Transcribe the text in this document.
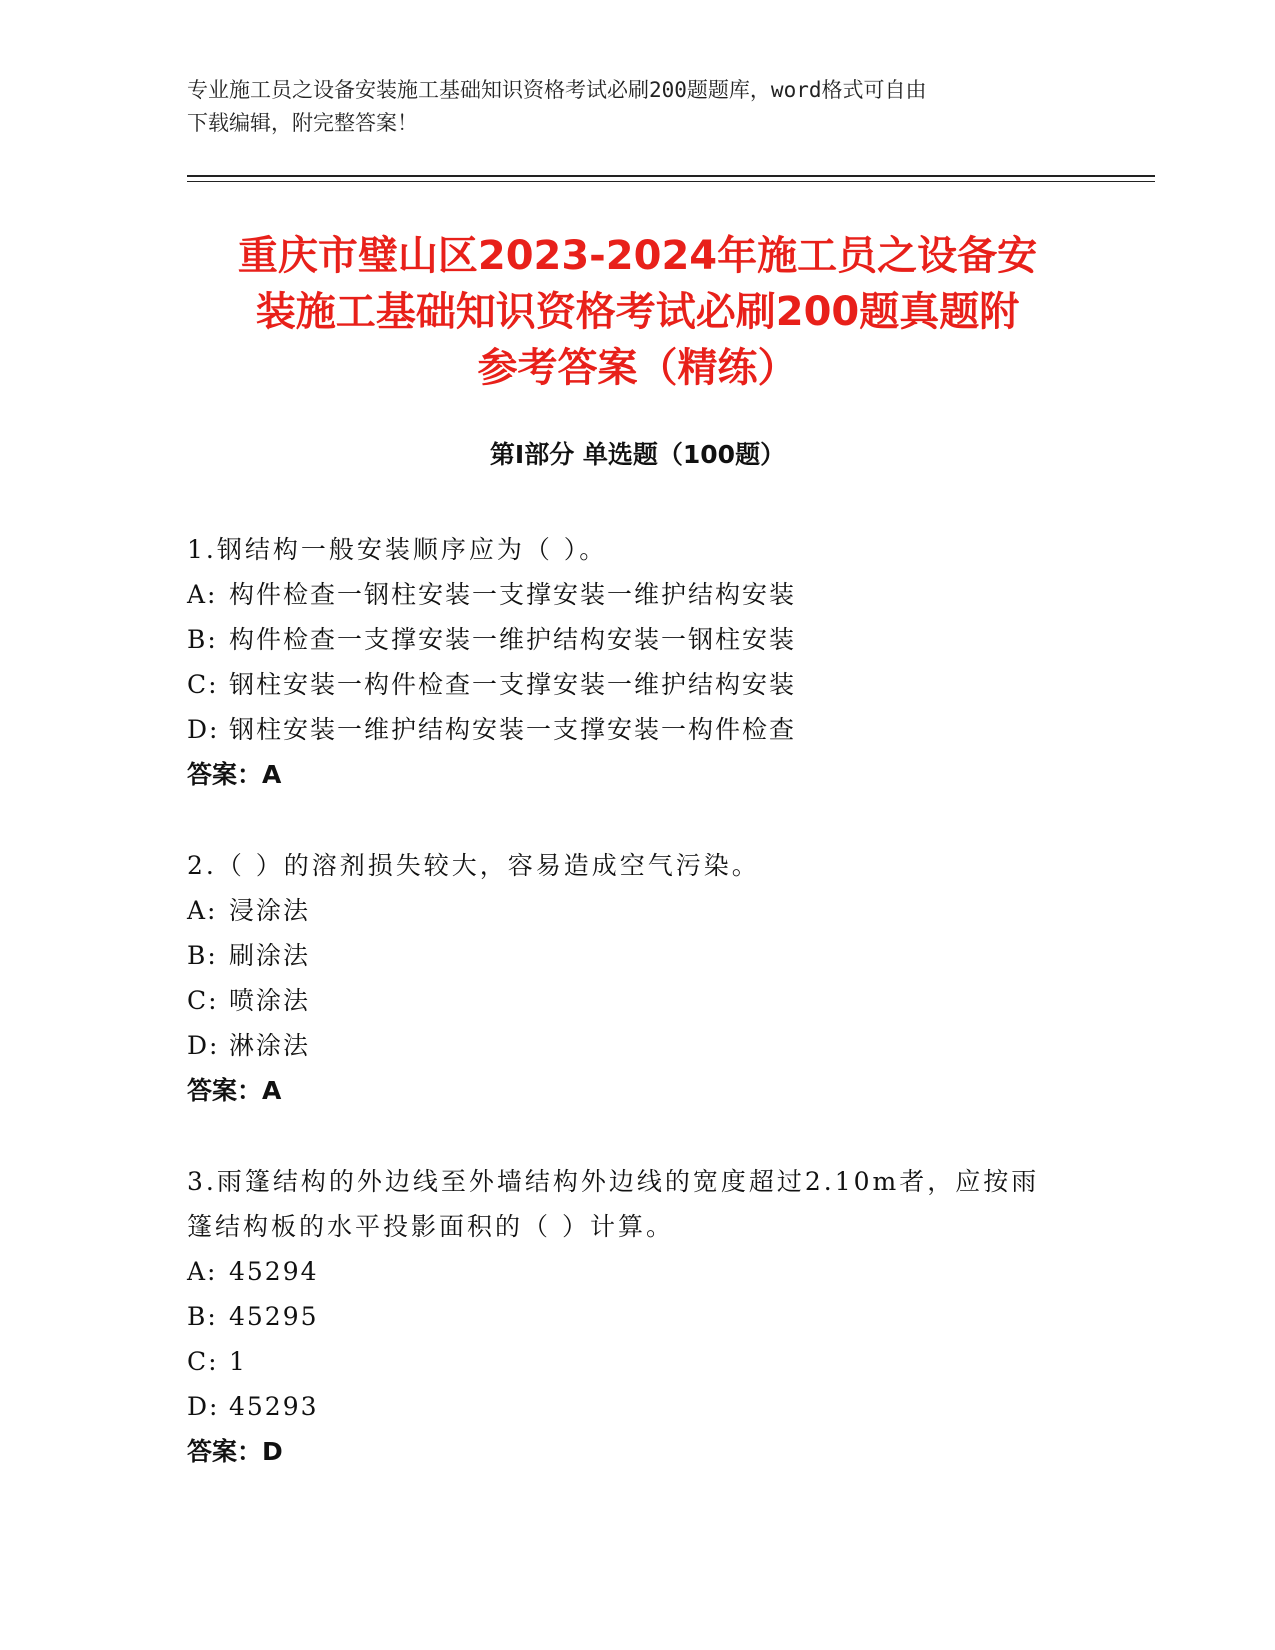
专业施工员之设备安装施工基础知识资格考试必刷200题题库，word格式可自由
下载编辑，附完整答案！
重庆市璧山区2023-2024年施工员之设备安
装施工基础知识资格考试必刷200题真题附
参考答案（精练）
第Ⅰ部分 单选题（100题）

1.钢结构一般安装顺序应为（ ）。

A: 构件检查一钢柱安装一支撑安装一维护结构安装

B: 构件检查一支撑安装一维护结构安装一钢柱安装

C: 钢柱安装一构件检查一支撑安装一维护结构安装

D: 钢柱安装一维护结构安装一支撑安装一构件检查

答案：A

2.（ ）的溶剂损失较大，容易造成空气污染。

A: 浸涂法

B: 刷涂法

C: 喷涂法

D: 淋涂法

答案：A

3.雨篷结构的外边线至外墙结构外边线的宽度超过2.10m者，应按雨

篷结构板的水平投影面积的（ ）计算。

A: 45294

B: 45295

C: 1

D: 45293

答案：D
